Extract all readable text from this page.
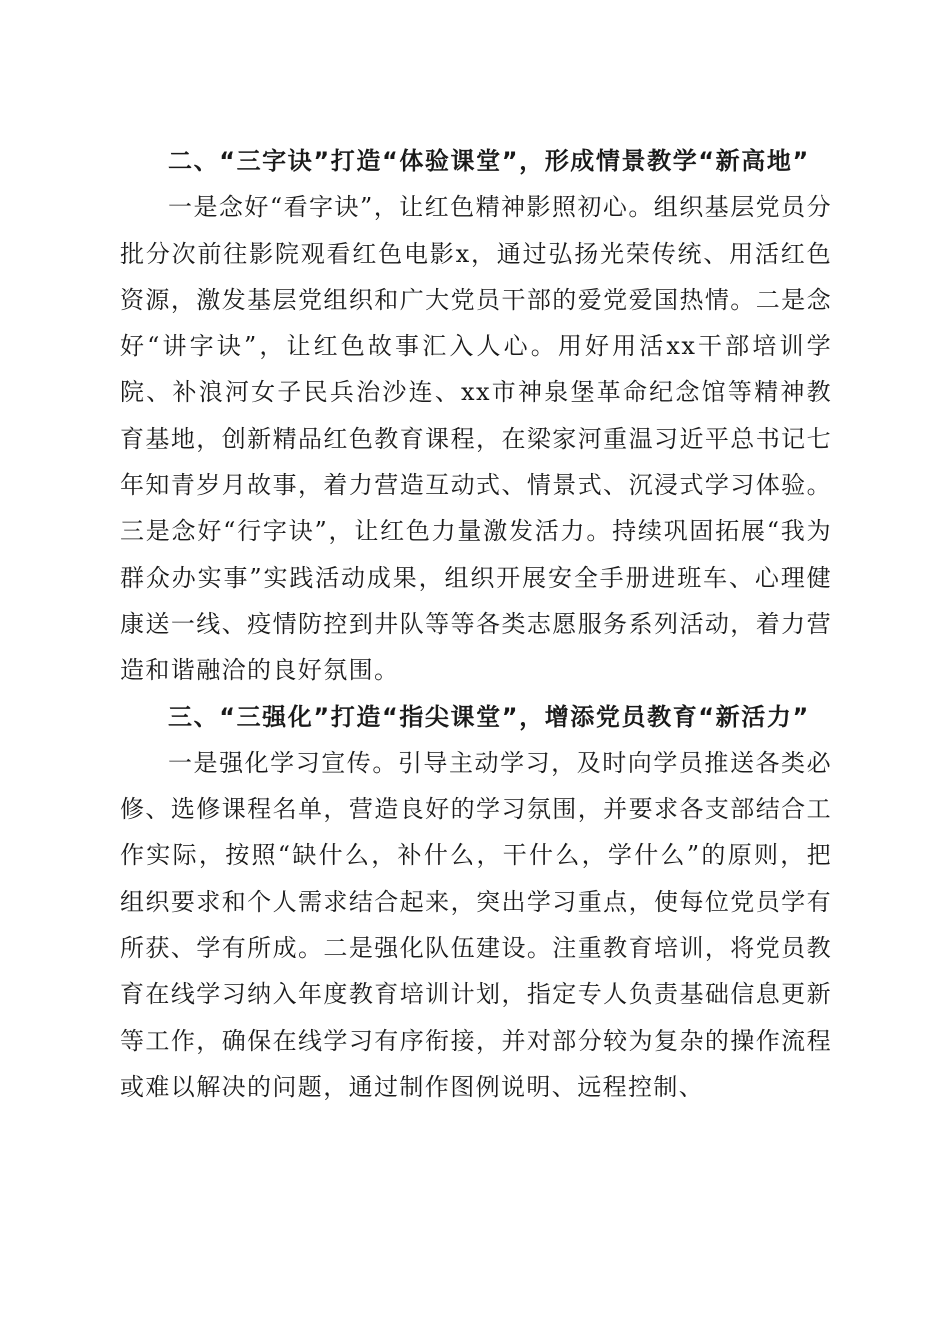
二、“三字诀”打造“体验课堂”，形成情景教学“新高地”

一是念好“看字诀”，让红色精神影照初心。组织基层党员分批分次前往影院观看红色电影x，通过弘扬光荣传统、用活红色资源，激发基层党组织和广大党员干部的爱党爱国热情。二是念好“讲字诀”，让红色故事汇入人心。用好用活xx干部培训学院、补浪河女子民兵治沙连、xx市神泉堡革命纪念馆等精神教育基地，创新精品红色教育课程，在梁家河重温习近平总书记七年知青岁月故事，着力营造互动式、情景式、沉浸式学习体验。三是念好“行字诀”，让红色力量激发活力。持续巩固拓展“我为群众办实事”实践活动成果，组织开展安全手册进班车、心理健康送一线、疫情防控到井队等等各类志愿服务系列活动，着力营造和谐融洽的良好氛围。

三、“三强化”打造“指尖课堂”，增添党员教育“新活力”

一是强化学习宣传。引导主动学习，及时向学员推送各类必修、选修课程名单，营造良好的学习氛围，并要求各支部结合工作实际，按照“缺什么，补什么，干什么，学什么”的原则，把组织要求和个人需求结合起来，突出学习重点，使每位党员学有所获、学有所成。二是强化队伍建设。注重教育培训，将党员教育在线学习纳入年度教育培训计划，指定专人负责基础信息更新等工作，确保在线学习有序衔接，并对部分较为复杂的操作流程或难以解决的问题，通过制作图例说明、远程控制、
